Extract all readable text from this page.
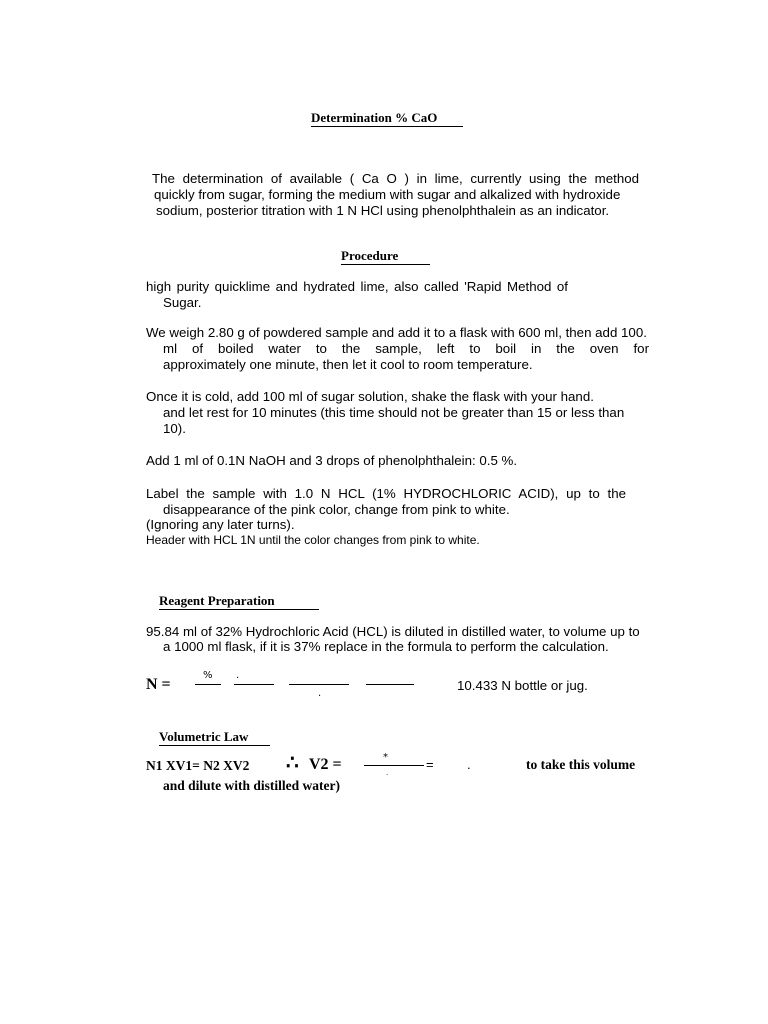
Determination % CaO
The determination of available ( Ca O ) in lime, currently using the method
quickly from sugar, forming the medium with sugar and alkalized with hydroxide
sodium, posterior titration with 1 N HCl using phenolphthalein as an indicator.
Procedure
high purity quicklime and hydrated lime, also called 'Rapid Method of
Sugar.
We weigh 2.80 g of powdered sample and add it to a flask with 600 ml, then add 100.
ml of boiled water to the sample, left to boil in the oven for
approximately one minute, then let it cool to room temperature.
Once it is cold, add 100 ml of sugar solution, shake the flask with your hand.
and let rest for 10 minutes (this time should not be greater than 15 or less than
10).
Add 1 ml of 0.1N NaOH and 3 drops of phenolphthalein: 0.5 %.
Label the sample with 1.0 N HCL (1% HYDROCHLORIC ACID), up to the
disappearance of the pink color, change from pink to white.
(Ignoring any later turns).
Header with HCL 1N until the color changes from pink to white.
Reagent Preparation
95.84 ml of 32% Hydrochloric Acid (HCL) is diluted in distilled water, to volume up to
a 1000 ml flask, if it is 37% replace in the formula to perform the calculation.
N =
% .
.
10.433 N bottle or jug.
Volumetric Law
N1 XV1= N2 XV2 ∴ V2 =	*
.
=	.	to take this volume
and dilute with distilled water)
